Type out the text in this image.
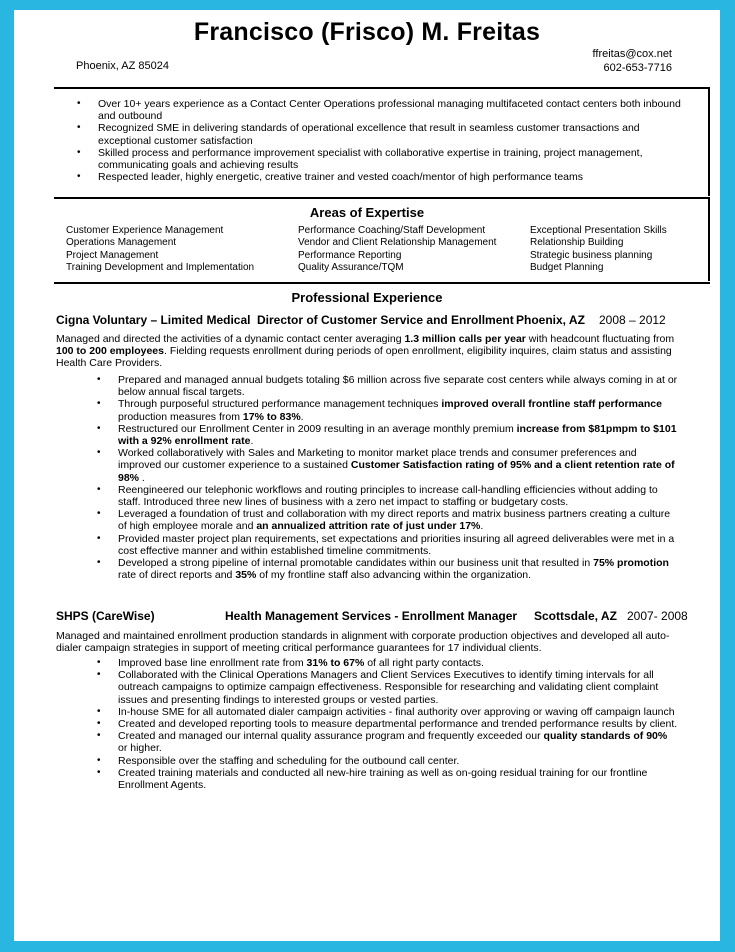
Francisco (Frisco) M. Freitas
Phoenix, AZ 85024
ffreitas@cox.net
602-653-7716
• Over 10+ years experience as a Contact Center Operations professional managing multifaceted contact centers both inbound and outbound
• Recognized SME in delivering standards of operational excellence that result in seamless customer transactions and exceptional customer satisfaction
• Skilled process and performance improvement specialist with collaborative expertise in training, project management, communicating goals and achieving results
• Respected leader, highly energetic, creative trainer and vested coach/mentor of high performance teams
Areas of Expertise
Customer Experience Management
Operations Management
Project Management
Training Development and Implementation
Performance Coaching/Staff Development
Vendor and Client Relationship Management
Performance Reporting
Quality Assurance/TQM
Exceptional Presentation Skills
Relationship Building
Strategic business planning
Budget Planning
Professional Experience
Cigna Voluntary – Limited Medical Director of Customer Service and Enrollment Phoenix, AZ 2008 – 2012
Managed and directed the activities of a dynamic contact center averaging 1.3 million calls per year with headcount fluctuating from 100 to 200 employees. Fielding requests enrollment during periods of open enrollment, eligibility inquires, claim status and assisting Health Care Providers.
• Prepared and managed annual budgets totaling $6 million across five separate cost centers while always coming in at or below annual fiscal targets.
• Through purposeful structured performance management techniques improved overall frontline staff performance production measures from 17% to 83%.
• Restructured our Enrollment Center in 2009 resulting in an average monthly premium increase from $81pmpm to $101 with a 92% enrollment rate.
• Worked collaboratively with Sales and Marketing to monitor market place trends and consumer preferences and improved our customer experience to a sustained Customer Satisfaction rating of 95% and a client retention rate of 98% .
• Reengineered our telephonic workflows and routing principles to increase call-handling efficiencies without adding to staff. Introduced three new lines of business with a zero net impact to staffing or budgetary costs.
• Leveraged a foundation of trust and collaboration with my direct reports and matrix business partners creating a culture of high employee morale and an annualized attrition rate of just under 17%.
• Provided master project plan requirements, set expectations and priorities insuring all agreed deliverables were met in a cost effective manner and within established timeline commitments.
• Developed a strong pipeline of internal promotable candidates within our business unit that resulted in 75% promotion rate of direct reports and 35% of my frontline staff also advancing within the organization.
SHPS (CareWise)	Health Management Services - Enrollment Manager Scottsdale, AZ 2007- 2008
Managed and maintained enrollment production standards in alignment with corporate production objectives and developed all auto-dialer campaign strategies in support of meeting critical performance guarantees for 17 individual clients.
• Improved base line enrollment rate from 31% to 67% of all right party contacts.
• Collaborated with the Clinical Operations Managers and Client Services Executives to identify timing intervals for all outreach campaigns to optimize campaign effectiveness. Responsible for researching and validating client complaint issues and presenting findings to interested groups or vested parties.
• In-house SME for all automated dialer campaign activities - final authority over approving or waving off campaign launch
• Created and developed reporting tools to measure departmental performance and trended performance results by client.
• Created and managed our internal quality assurance program and frequently exceeded our quality standards of 90% or higher.
• Responsible over the staffing and scheduling for the outbound call center.
• Created training materials and conducted all new-hire training as well as on-going residual training for our frontline Enrollment Agents.
